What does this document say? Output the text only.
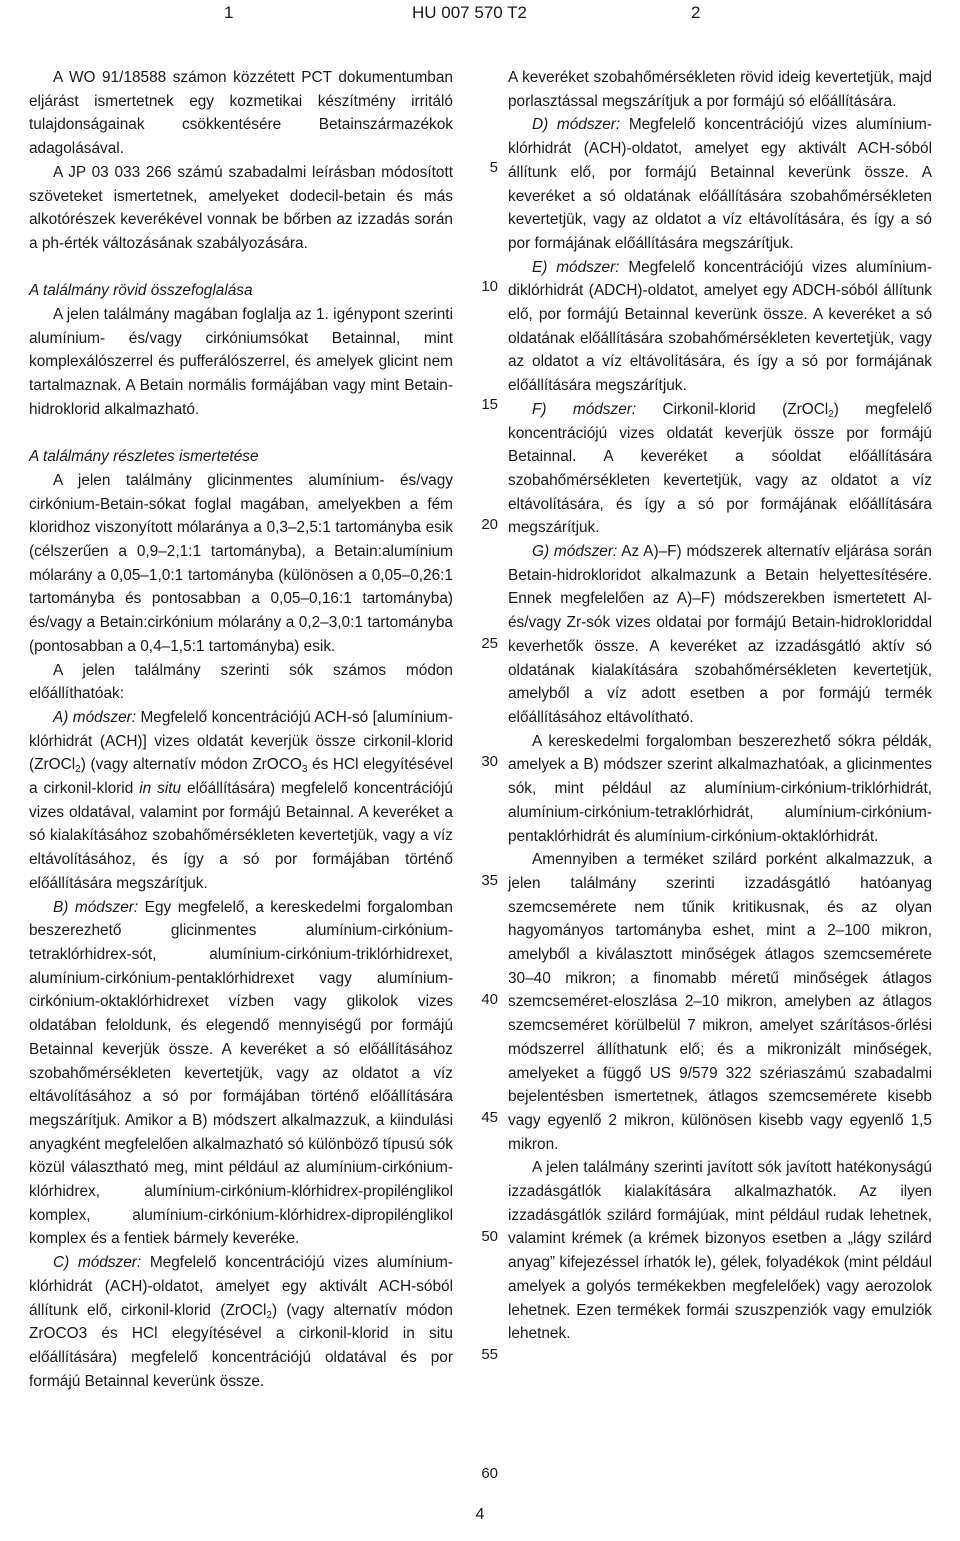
1	HU 007 570 T2	2

A WO 91/18588 számon közzétett PCT dokumentumban eljárást ismertetnek egy kozmetikai készítmény irritáló tulajdonságainak csökkentésére Betainszármazékok adagolásával.

A JP 03 033 266 számú szabadalmi leírásban módosított szöveteket ismertetnek, amelyeket dodecil-betain és más alkotórészek keverékével vonnak be bőrben az izzadás során a ph-érték változásának szabályozására.

A találmány rövid összefoglalása

A jelen találmány magában foglalja az 1. igénypont szerinti alumínium- és/vagy cirkóniumsókat Betainnal, mint komplexálószerrel és pufferálószerrel, és amelyek glicint nem tartalmaznak. A Betain normális formájában vagy mint Betain-hidroklorid alkalmazható.

A találmány részletes ismertetése

A jelen találmány glicinmentes alumínium- és/vagy cirkónium-Betain-sókat foglal magában, amelyekben a fém kloridhoz viszonyított mólaránya a 0,3–2,5:1 tartományba esik (célszerűen a 0,9–2,1:1 tartományba), a Betain:alumínium mólarány a 0,05–1,0:1 tartományba (különösen a 0,05–0,26:1 tartományba és pontosabban a 0,05–0,16:1 tartományba) és/vagy a Betain:cirkónium mólarány a 0,2–3,0:1 tartományba (pontosabban a 0,4–1,5:1 tartományba) esik.

A jelen találmány szerinti sók számos módon előállíthatóak:

A) módszer: Megfelelő koncentrációjú ACH-só [alumínium-klórhidrát (ACH)] vizes oldatát keverjük össze cirkonil-klorid (ZrOCl$_2$) (vagy alternatív módon ZrOCO$_3$ és HCl elegyítésével a cirkonil-klorid in situ előállítására) megfelelő koncentrációjú vizes oldatával, valamint por formájú Betainnal. A keveréket a só kialakításához szobahőmérsékleten kevertetjük, vagy a víz eltávolításához, és így a só por formájában történő előállítására megszárítjuk.

B) módszer: Egy megfelelő, a kereskedelmi forgalomban beszerezhető glicinmentes alumínium-cirkónium-tetraklórhidrex-sót, alumínium-cirkónium-triklórhidrexet, alumínium-cirkónium-pentaklórhidrexet vagy alumínium-cirkónium-oktaklórhidrexet vízben vagy glikolok vizes oldatában feloldunk, és elegendő mennyiségű por formájú Betainnal keverjük össze. A keveréket a só előállításához szobahőmérsékleten kevertetjük, vagy az oldatot a víz eltávolításához a só por formájában történő előállítására megszárítjuk. Amikor a B) módszert alkalmazzuk, a kiindulási anyagként megfelelően alkalmazható só különböző típusú sók közül választható meg, mint például az alumínium-cirkónium-klórhidrex, alumínium-cirkónium-klórhidrex-propilénglikol komplex, alumínium-cirkónium-klórhidrex-dipropilénglikol komplex és a fentiek bármely keveréke.

C) módszer: Megfelelő koncentrációjú vizes alumínium-klórhidrát (ACH)-oldatot, amelyet egy aktivált ACH-sóból állítunk elő, cirkonil-klorid (ZrOCl$_2$) (vagy alternatív módon ZrOCO3 és HCl elegyítésével a cirkonil-klorid in situ előállítására) megfelelő koncentrációjú oldatával és por formájú Betainnal keverünk össze.

5
10
15
20
25
30
35
40
45
50
55
60

A keveréket szobahőmérsékleten rövid ideig kevertetjük, majd porlasztással megszárítjuk a por formájú só előállítására.

D) módszer: Megfelelő koncentrációjú vizes alumínium-klórhidrát (ACH)-oldatot, amelyet egy aktivált ACH-sóból állítunk elő, por formájú Betainnal keverünk össze. A keveréket a só oldatának előállítására szobahőmérsékleten kevertetjük, vagy az oldatot a víz eltávolítására, és így a só por formájának előállítására megszárítjuk.

E) módszer: Megfelelő koncentrációjú vizes alumínium-diklórhidrát (ADCH)-oldatot, amelyet egy ADCH-sóból állítunk elő, por formájú Betainnal keverünk össze. A keveréket a só oldatának előállítására szobahőmérsékleten kevertetjük, vagy az oldatot a víz eltávolítására, és így a só por formájának előállítására megszárítjuk.

F) módszer: Cirkonil-klorid (ZrOCl$_2$) megfelelő koncentrációjú vizes oldatát keverjük össze por formájú Betainnal. A keveréket a sóoldat előállítására szobahőmérsékleten kevertetjük, vagy az oldatot a víz eltávolítására, és így a só por formájának előállítására megszárítjuk.

G) módszer: Az A)–F) módszerek alternatív eljárása során Betain-hidrokloridot alkalmazunk a Betain helyettesítésére. Ennek megfelelően az A)–F) módszerekben ismertetett Al- és/vagy Zr-sók vizes oldatai por formájú Betain-hidrokloriddal keverhetők össze. A keveréket az izzadásgátló aktív só oldatának kialakítására szobahőmérsékleten kevertetjük, amelyből a víz adott esetben a por formájú termék előállításához eltávolítható.

A kereskedelmi forgalomban beszerezhető sókra példák, amelyek a B) módszer szerint alkalmazhatóak, a glicinmentes sók, mint például az alumínium-cirkónium-triklórhidrát, alumínium-cirkónium-tetraklórhidrát, alumínium-cirkónium-pentaklórhidrát és alumínium-cirkónium-oktaklórhidrát.

Amennyiben a terméket szilárd porként alkalmazzuk, a jelen találmány szerinti izzadásgátló hatóanyag szemcseméretе nem tűnik kritikusnak, és az olyan hagyományos tartományba eshet, mint a 2–100 mikron, amelyből a kiválasztott minőségek átlagos szemcsemérete 30–40 mikron; a finomabb méretű minőségek átlagos szemcseméret-eloszlása 2–10 mikron, amelyben az átlagos szemcseméret körülbelül 7 mikron, amelyet szárításos-őrlési módszerrel állíthatunk elő; és a mikronizált minőségek, amelyeket a függő US 9/579 322 szériaszámú szabadalmi bejelentésben ismertetnek, átlagos szemcsemérete kisebb vagy egyenlő 2 mikron, különösen kisebb vagy egyenlő 1,5 mikron.

A jelen találmány szerinti javított sók javított hatékonyságú izzadásgátlók kialakítására alkalmazhatók. Az ilyen izzadásgátlók szilárd formájúak, mint például rudak lehetnek, valamint krémek (a krémek bizonyos esetben a „lágy szilárd anyag” kifejezéssel írhatók le), gélek, folyadékok (mint például amelyek a golyós termékekben megfelelőek) vagy aerozolok lehetnek. Ezen termékek formái szuszpenziók vagy emulziók lehetnek.

4
